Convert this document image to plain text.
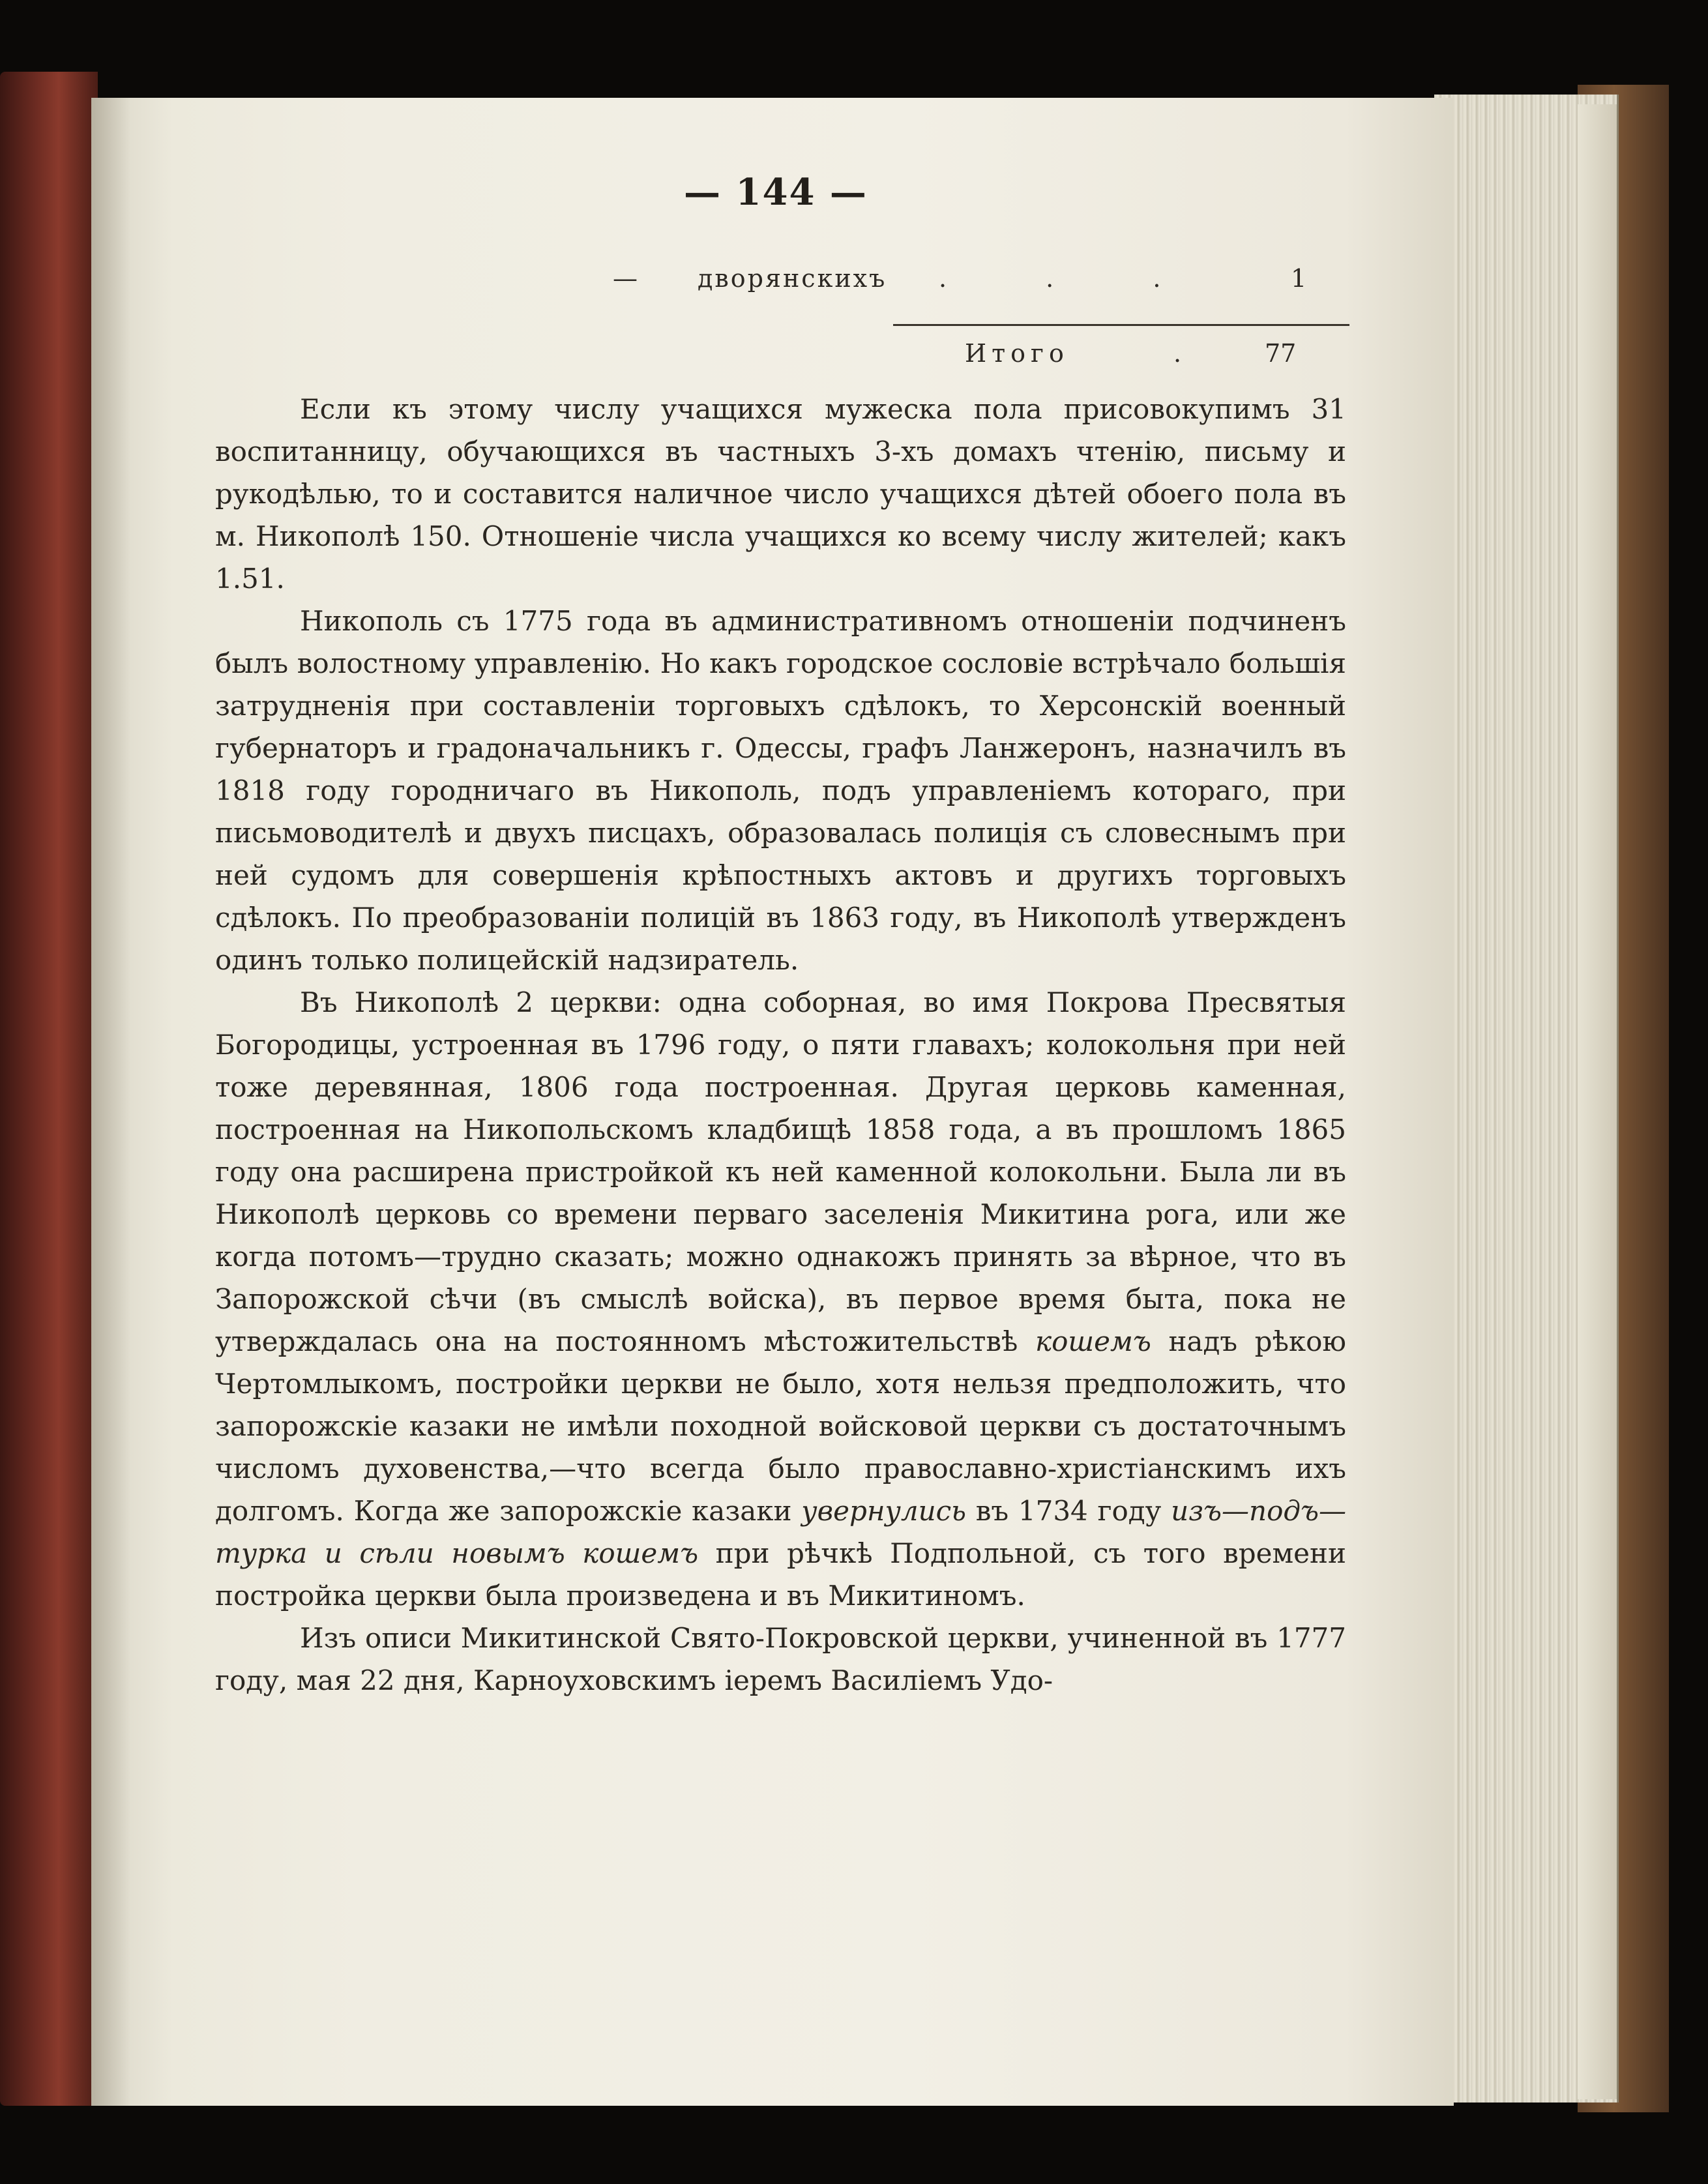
— 144 —
— дворянскихъ . . .	1
Итого	.	77

Если къ этому числу учащихся мужеска пола присовокупимъ 31 воспитанницу, обучающихся въ частныхъ 3-хъ домахъ чтенію, письму и рукодѣлью, то и составится наличное число учащихся дѣтей обоего пола въ м. Никополѣ 150. Отношеніе числа учащихся ко всему числу жителей; какъ 1.51.

Никополь съ 1775 года въ административномъ отношеніи подчиненъ былъ волостному управленію. Но какъ городское сословіе встрѣчало большія затрудненія при составленіи торговыхъ сдѣлокъ, то Херсонскій военный губернаторъ и градоначальникъ г. Одессы, графъ Ланжеронъ, назначилъ въ 1818 году городничаго въ Никополь, подъ управленіемъ котораго, при письмоводителѣ и двухъ писцахъ, образовалась полиція съ словеснымъ при ней судомъ для совершенія крѣпостныхъ актовъ и другихъ торговыхъ сдѣлокъ. По преобразованіи полицій въ 1863 году, въ Никополѣ утвержденъ одинъ только полицейскій надзиратель.

Въ Никополѣ 2 церкви: одна соборная, во имя Покрова Пресвятыя Богородицы, устроенная въ 1796 году, о пяти главахъ; колокольня при ней тоже деревянная, 1806 года построенная. Другая церковь каменная, построенная на Никопольскомъ кладбищѣ 1858 года, а въ прошломъ 1865 году она расширена пристройкой къ ней каменной колокольни. Была ли въ Никополѣ церковь со времени перваго заселенія Микитина рога, или же когда потомъ—трудно сказать; можно однакожъ принять за вѣрное, что въ Запорожской сѣчи (въ смыслѣ войска), въ первое время быта, пока не утверждалась она на постоянномъ мѣстожительствѣ кошемъ надъ рѣкою Чертомлыкомъ, постройки церкви не было, хотя нельзя предположить, что запорожскіе казаки не имѣли походной войсковой церкви съ достаточнымъ числомъ духовенства,—что всегда было православно-христіанскимъ ихъ долгомъ. Когда же запорожскіе казаки увернулись въ 1734 году изъ—подъ—турка и сѣли новымъ кошемъ при рѣчкѣ Подпольной, съ того времени постройка церкви была произведена и въ Микитиномъ.

Изъ описи Микитинской Свято-Покровской церкви, учиненной въ 1777 году, мая 22 дня, Карноуховскимъ іеремъ Василіемъ Удо-
